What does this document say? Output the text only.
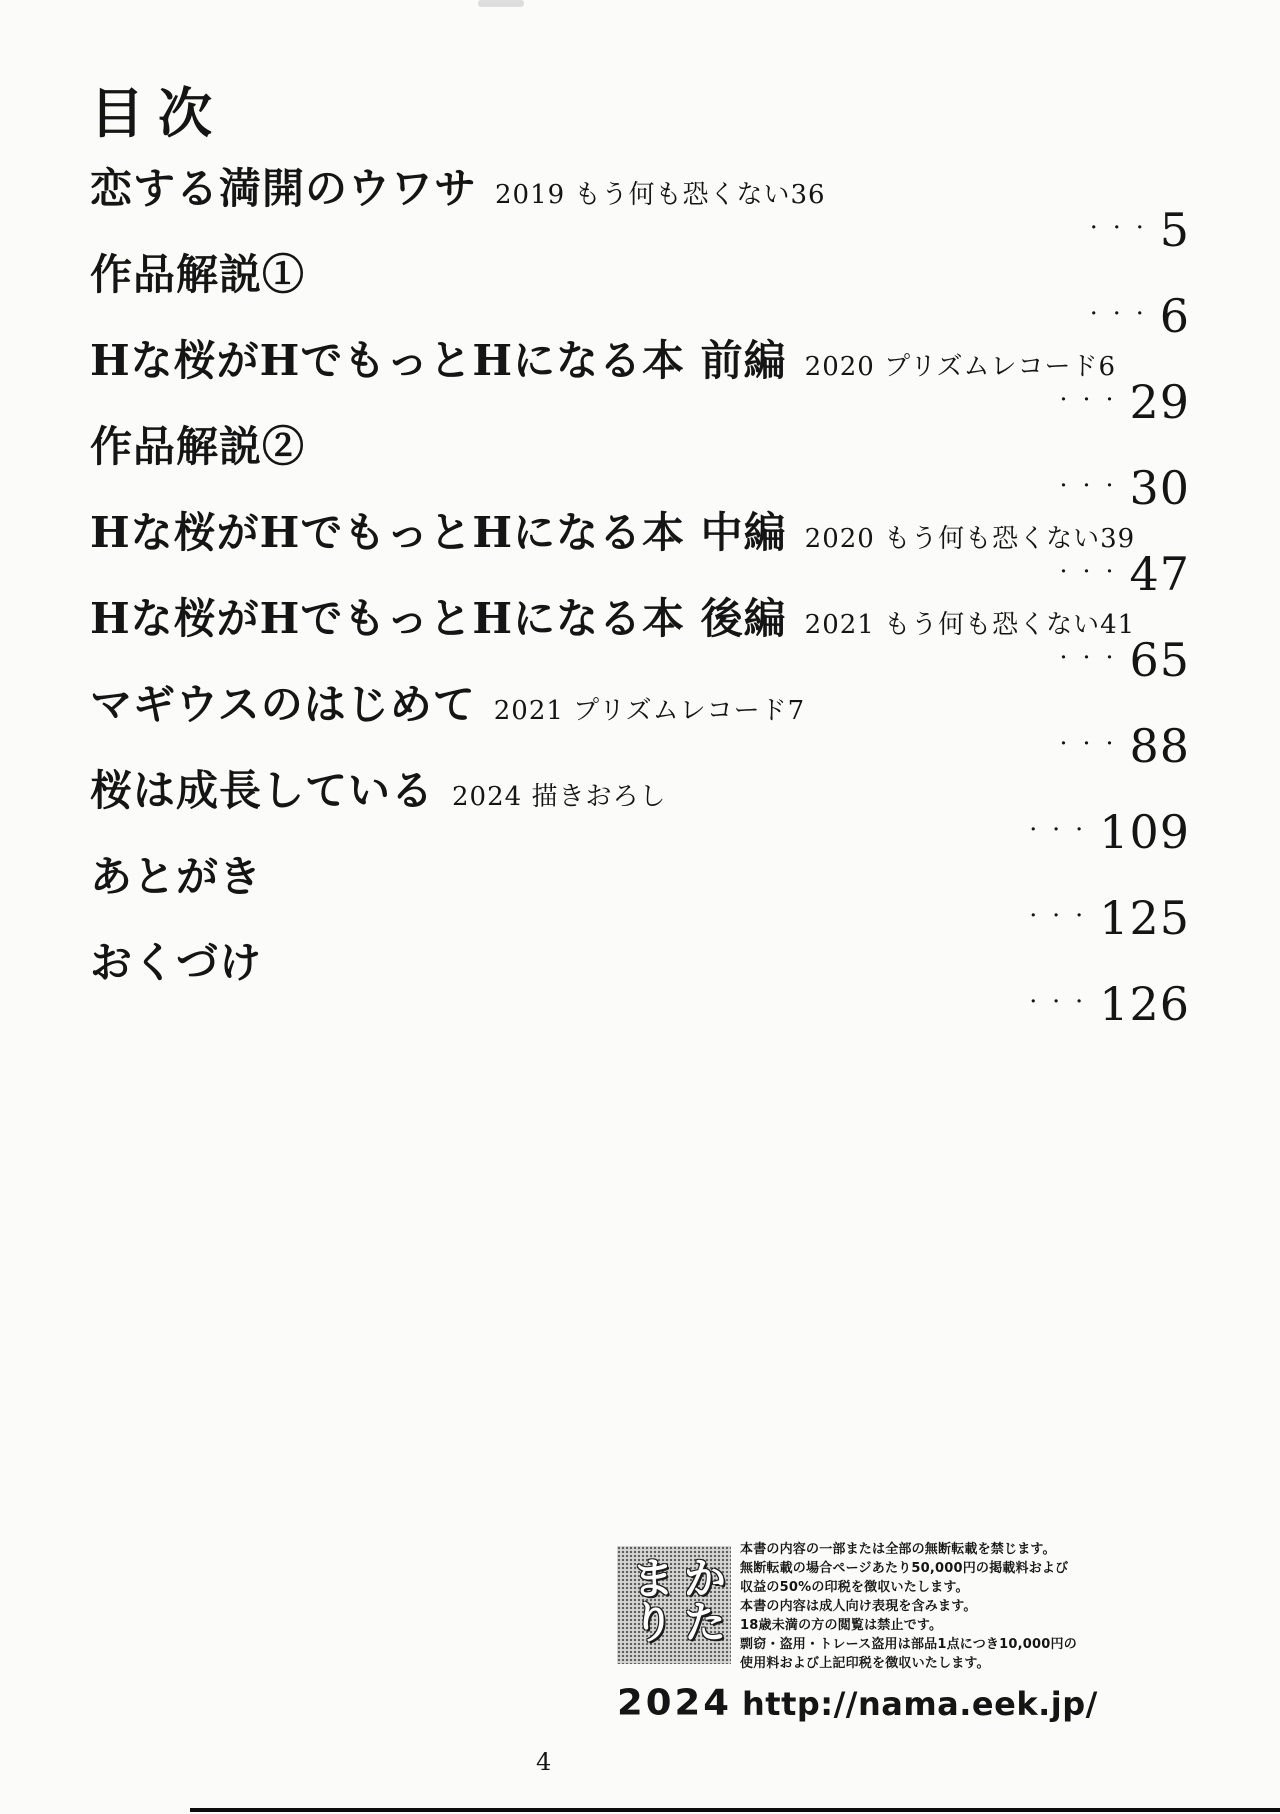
目次
恋する満開のウワサ 2019 もう何も恐くない36
・・・ 5
作品解説①
・・・ 6
Hな桜がHでもっとHになる本 前編 2020 プリズムレコード6
・・・ 29
作品解説②
・・・ 30
Hな桜がHでもっとHになる本 中編 2020 もう何も恐くない39
・・・ 47
Hな桜がHでもっとHになる本 後編 2021 もう何も恐くない41
・・・ 65
マギウスのはじめて 2021 プリズムレコード7
・・・ 88
桜は成長している 2024 描きおろし
・・・ 109
あとがき
・・・ 125
おくづけ
・・・ 126
かたまり
本書の内容の一部または全部の無断転載を禁じます。
無断転載の場合ページあたり50,000円の掲載料および
収益の50%の印税を徴収いたします。
本書の内容は成人向け表現を含みます。
18歳未満の方の閲覧は禁止です。
剽窃・盗用・トレース盗用は部品1点につき10,000円の
使用料および上記印税を徴収いたします。
2024 http://nama.eek.jp/
4
